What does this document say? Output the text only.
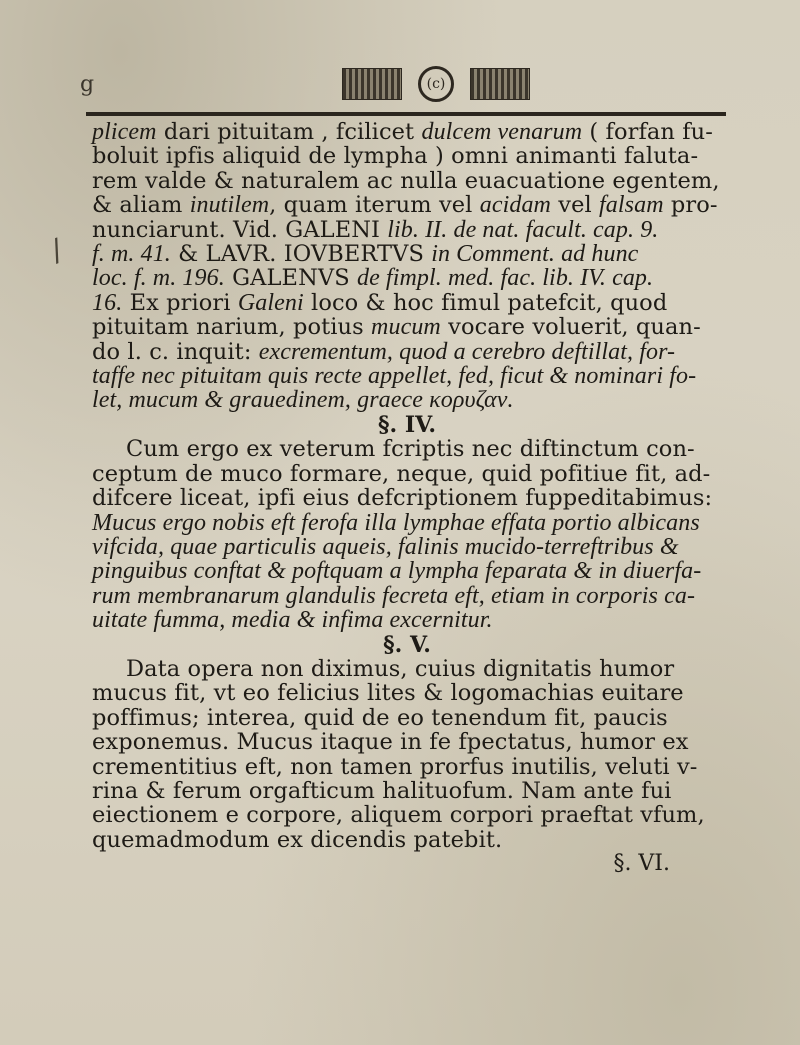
g	(c)
/
plicem dari pituitam , fcilicet dulcem venarum ( forfan fu-
boluit ipfis aliquid de lympha ) omni animanti faluta-
rem valde & naturalem ac nulla euacuatione egentem,
& aliam inutilem, quam iterum vel acidam vel falsam pro-
nunciarunt. Vid. GALENI lib. II. de nat. facult. cap. 9.
f. m. 41. & LAVR. IOVBERTVS in Comment. ad hunc
loc. f. m. 196. GALENVS de fimpl. med. fac. lib. IV. cap.
16. Ex priori Galeni loco & hoc fimul patefcit, quod
pituitam narium, potius mucum vocare voluerit, quan-
do l. c. inquit: excrementum, quod a cerebro deftillat, for-
taffe nec pituitam quis recte appellet, fed, ficut & nominari fo-
let, mucum & grauedinem, graece κορυζαν.
§. IV.
Cum ergo ex veterum fcriptis nec diftinctum con-
ceptum de muco formare, neque, quid pofitiue fit, ad-
difcere liceat, ipfi eius defcriptionem fuppeditabimus:
Mucus ergo nobis eft ferofa illa lymphae effata portio albicans
vifcida, quae particulis aqueis, falinis mucido-terreftribus &
pinguibus conftat & poftquam a lympha feparata & in diuerfa-
rum membranarum glandulis fecreta eft, etiam in corporis ca-
uitate fumma, media & infima excernitur.
§. V.
Data opera non diximus, cuius dignitatis humor
mucus fit, vt eo felicius lites & logomachias euitare
poffimus; interea, quid de eo tenendum fit, paucis
exponemus. Mucus itaque in fe fpectatus, humor ex
crementitius eft, non tamen prorfus inutilis, veluti v-
rina & ferum orgafticum halituofum. Nam ante fui
eiectionem e corpore, aliquem corpori praeftat vfum,
quemadmodum ex dicendis patebit.
§. VI.
